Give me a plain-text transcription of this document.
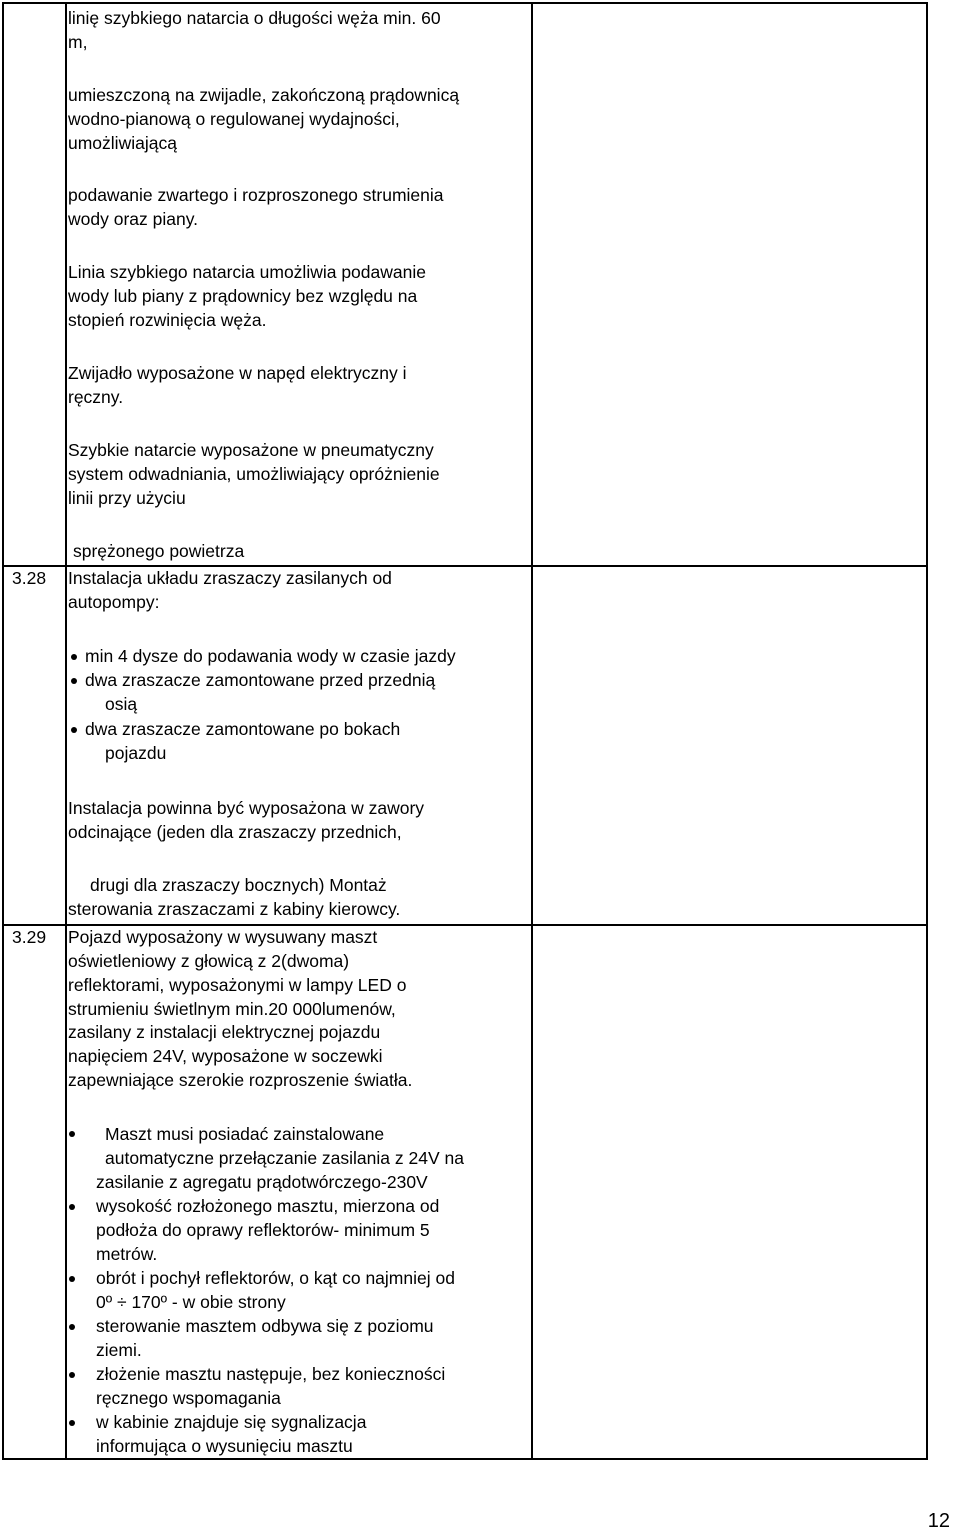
linię szybkiego natarcia o długości węża min. 60
m,
umieszczoną na zwijadle, zakończoną prądownicą
wodno-pianową o regulowanej wydajności,
umożliwiającą
podawanie zwartego i rozproszonego strumienia
wody oraz piany.
Linia szybkiego natarcia umożliwia podawanie
wody lub piany z prądownicy bez względu na
stopień rozwinięcia węża.
Zwijadło wyposażone w napęd elektryczny i
ręczny.
Szybkie natarcie wyposażone w pneumatyczny
system odwadniania, umożliwiający opróżnienie
linii przy użyciu
sprężonego powietrza
3.28 Instalacja układu zraszaczy zasilanych od
autopompy:
min 4 dysze do podawania wody w czasie jazdy
dwa zraszacze zamontowane przed przednią
osią
dwa zraszacze zamontowane po bokach
pojazdu
Instalacja powinna być wyposażona w zawory
odcinające (jeden dla zraszaczy przednich,
drugi dla zraszaczy bocznych) Montaż
sterowania zraszaczami z kabiny kierowcy.
3.29 Pojazd wyposażony w wysuwany maszt
oświetleniowy z głowicą z 2(dwoma)
reflektorami, wyposażonymi w lampy LED o
strumieniu świetlnym min.20 000lumenów,
zasilany z instalacji elektrycznej pojazdu
napięciem 24V, wyposażone w soczewki
zapewniające szerokie rozproszenie światła.
Maszt musi posiadać zainstalowane
automatyczne przełączanie zasilania z 24V na
zasilanie z agregatu prądotwórczego-230V
wysokość rozłożonego masztu, mierzona od
podłoża do oprawy reflektorów- minimum 5
metrów.
obrót i pochył reflektorów, o kąt co najmniej od
0º ÷ 170º - w obie strony
sterowanie masztem odbywa się z poziomu
ziemi.
złożenie masztu następuje, bez konieczności
ręcznego wspomagania
w kabinie znajduje się sygnalizacja
informująca o wysunięciu masztu
12
